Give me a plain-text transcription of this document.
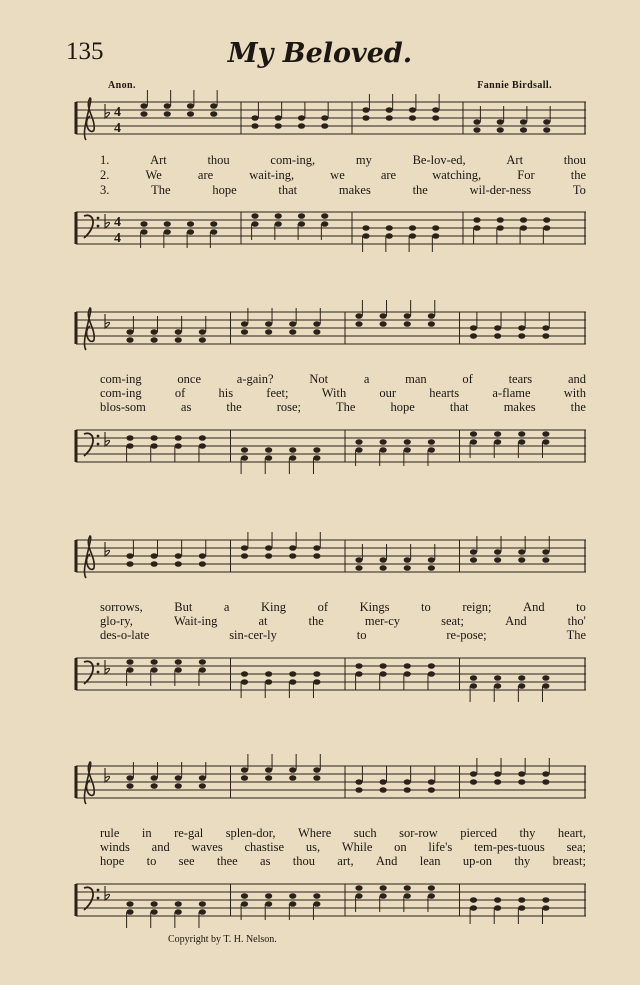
135	My Beloved.
Anon.	Fannie Birdsall.
4
4
1.	Art	thou	com-ing,	my	Be-lov-ed,	Art	thou
2.	We	are	wait-ing,	we	are	watching,	For	the
3.	The	hope	that	makes	the	wil-der-ness	To
4
4
com-ing	once	a-gain?	Not	a	man	of	tears	and
com-ing	of	his	feet;	With	our	hearts	a-flame	with
blos-som	as	the	rose;	The	hope	that	makes	the
sorrows,	But	a	King	of	Kings	to	reign;	And	to
glo-ry,	Wait-ing	at	the	mer-cy	seat;	And	tho'
des-o-late	sin-cer-ly	to	re-pose;	The
rule in re-gal splen-dor, Where such sor-row pierced thy heart,
winds and waves chastise us, While on life's tem-pes-tuous sea;
hope to see thee as thou art, And lean up-on thy breast;
Copyright by T. H. Nelson.
